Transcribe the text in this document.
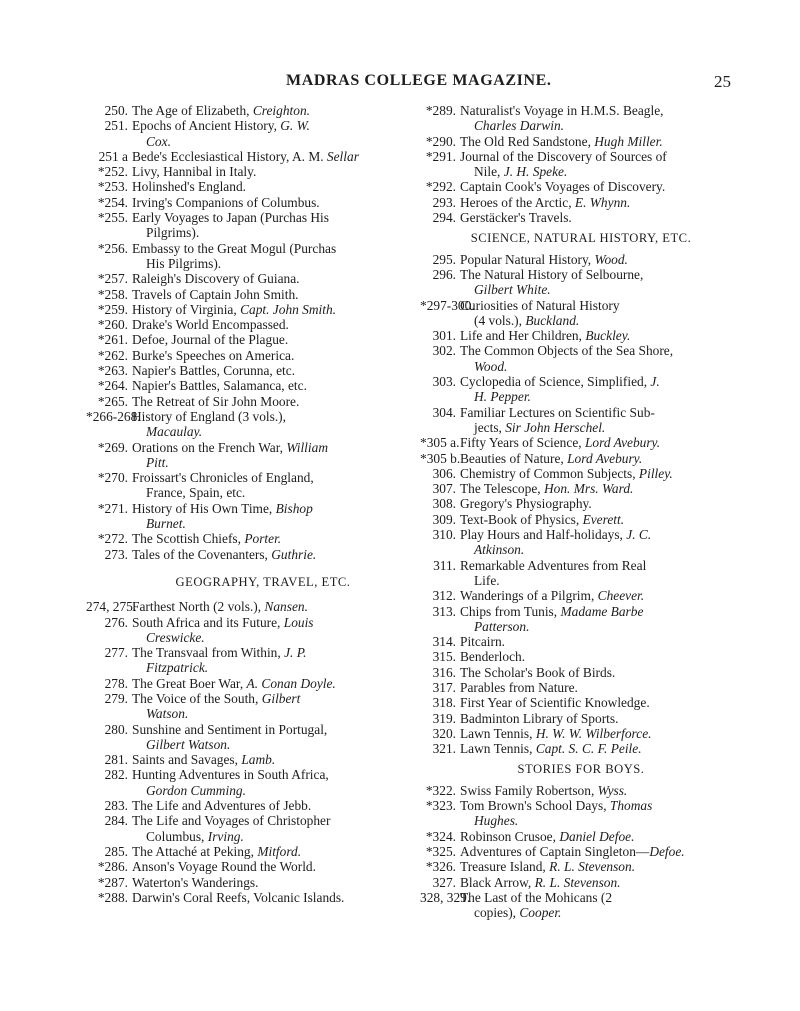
MADRAS COLLEGE MAGAZINE.	25
250. The Age of Elizabeth, Creighton.
251. Epochs of Ancient History, G. W.
Cox.
251 a Bede's Ecclesiastical History, A. M. Sellar
*252. Livy, Hannibal in Italy.
*253. Holinshed's England.
*254. Irving's Companions of Columbus.
*255. Early Voyages to Japan (Purchas His
Pilgrims).
*256. Embassy to the Great Mogul (Purchas
His Pilgrims).
*257. Raleigh's Discovery of Guiana.
*258. Travels of Captain John Smith.
*259. History of Virginia, Capt. John Smith.
*260. Drake's World Encompassed.
*261. Defoe, Journal of the Plague.
*262. Burke's Speeches on America.
*263. Napier's Battles, Corunna, etc.
*264. Napier's Battles, Salamanca, etc.
*265. The Retreat of Sir John Moore.
*266-268.
History of England (3 vols.),
Macaulay.
*269. Orations on the French War, William
Pitt.
*270. Froissart's Chronicles of England,
France, Spain, etc.
*271. History of His Own Time, Bishop
Burnet.
*272. The Scottish Chiefs, Porter.
273. Tales of the Covenanters, Guthrie.
GEOGRAPHY, TRAVEL, ETC.
274, 275.
Farthest North (2 vols.), Nansen.
276. South Africa and its Future, Louis
Creswicke.
277. The Transvaal from Within, J. P.
Fitzpatrick.
278. The Great Boer War, A. Conan Doyle.
279. The Voice of the South, Gilbert
Watson.
280. Sunshine and Sentiment in Portugal,
Gilbert Watson.
281. Saints and Savages, Lamb.
282. Hunting Adventures in South Africa,
Gordon Cumming.
283. The Life and Adventures of Jebb.
284. The Life and Voyages of Christopher
Columbus, Irving.
285. The Attaché at Peking, Mitford.
*286. Anson's Voyage Round the World.
*287. Waterton's Wanderings.
*288. Darwin's Coral Reefs, Volcanic Islands.
*289. Naturalist's Voyage in H.M.S. Beagle,
Charles Darwin.
*290. The Old Red Sandstone, Hugh Miller.
*291. Journal of the Discovery of Sources of
Nile, J. H. Speke.
*292. Captain Cook's Voyages of Discovery.
293. Heroes of the Arctic, E. Whynn.
294. Gerstäcker's Travels.
SCIENCE, NATURAL HISTORY, ETC.
295. Popular Natural History, Wood.
296. The Natural History of Selbourne,
Gilbert White.
*297-300.
Curiosities of Natural History
(4 vols.), Buckland.
301. Life and Her Children, Buckley.
302. The Common Objects of the Sea Shore,
Wood.
303. Cyclopedia of Science, Simplified, J.
H. Pepper.
304. Familiar Lectures on Scientific Sub-
jects, Sir John Herschel.
*305 a. Fifty Years of Science, Lord Avebury.
*305 b. Beauties of Nature, Lord Avebury.
306. Chemistry of Common Subjects, Pilley.
307. The Telescope, Hon. Mrs. Ward.
308. Gregory's Physiography.
309. Text-Book of Physics, Everett.
310. Play Hours and Half-holidays, J. C.
Atkinson.
311. Remarkable Adventures from Real
Life.
312. Wanderings of a Pilgrim, Cheever.
313. Chips from Tunis, Madame Barbe
Patterson.
314. Pitcairn.
315. Benderloch.
316. The Scholar's Book of Birds.
317. Parables from Nature.
318. First Year of Scientific Knowledge.
319. Badminton Library of Sports.
320. Lawn Tennis, H. W. W. Wilberforce.
321. Lawn Tennis, Capt. S. C. F. Peile.
STORIES FOR BOYS.
*322. Swiss Family Robertson, Wyss.
*323. Tom Brown's School Days, Thomas
Hughes.
*324. Robinson Crusoe, Daniel Defoe.
*325. Adventures of Captain Singleton—Defoe.
*326. Treasure Island, R. L. Stevenson.
327. Black Arrow, R. L. Stevenson.
328, 329.
The Last of the Mohicans (2
copies), Cooper.
